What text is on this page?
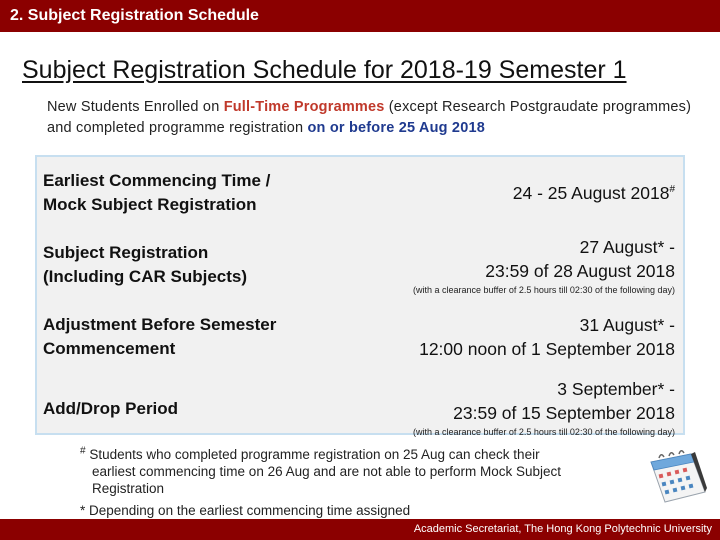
2. Subject Registration Schedule
Subject Registration Schedule for 2018-19 Semester 1
New Students Enrolled on Full-Time Programmes (except Research Postgraudate programmes) and completed programme registration on or before 25 Aug 2018
Earliest Commencing Time /
Mock Subject Registration
24 - 25 August 2018#
Subject Registration
(Including CAR Subjects)
27 August* -
23:59 of 28 August 2018
(with a clearance buffer of 2.5 hours till 02:30 of the following day)
Adjustment Before Semester
Commencement
31 August* -
12:00 noon of 1 September 2018
Add/Drop Period
3 September* -
23:59 of 15 September 2018
(with a clearance buffer of 2.5 hours till 02:30 of the following day)
# Students who completed programme registration on 25 Aug can check their
earliest commencing time on 26 Aug and are not able to perform Mock Subject
Registration
* Depending on the earliest commencing time assigned
Academic Secretariat, The Hong Kong Polytechnic University
